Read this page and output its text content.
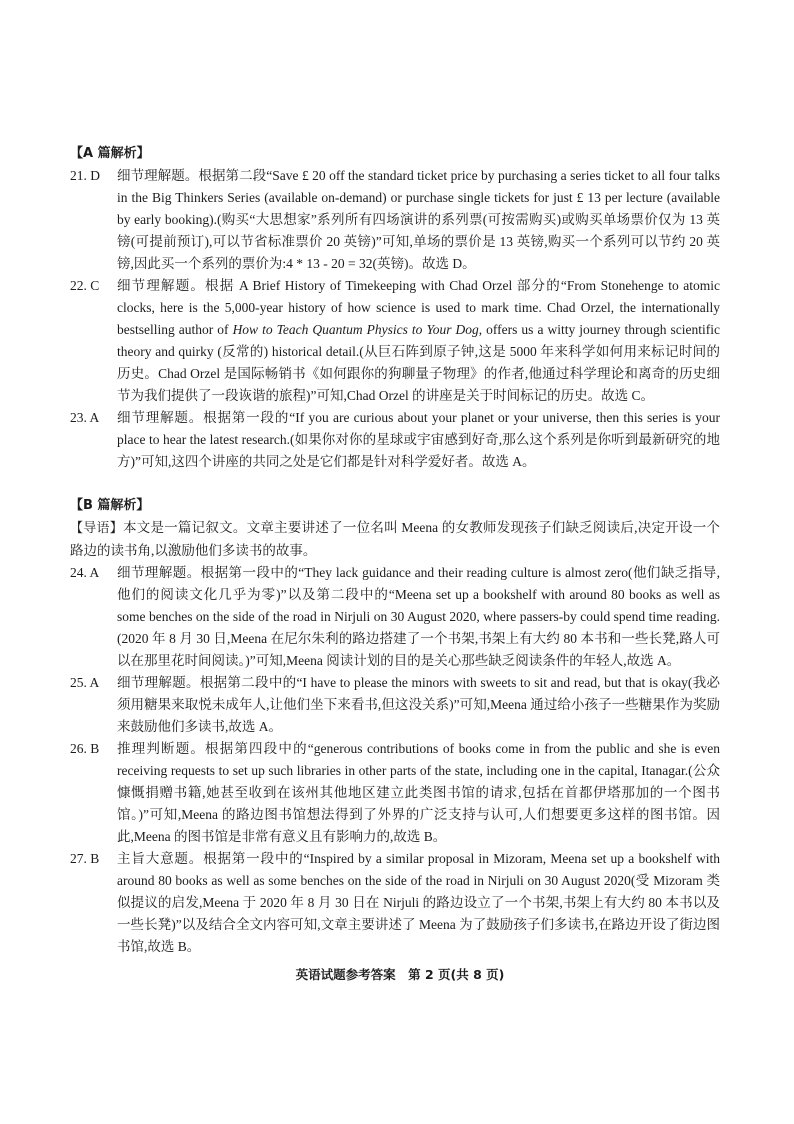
【A 篇解析】
21. D	细节理解题。根据第二段“Save £ 20 off the standard ticket price by purchasing a series ticket to all four talks in the Big Thinkers Series (available on-demand) or purchase single tickets for just £ 13 per lecture (available by early booking).(购买“大思想家”系列所有四场演讲的系列票(可按需购买)或购买单场票价仅为 13 英镑(可提前预订),可以节省标准票价 20 英镑)”可知,单场的票价是 13 英镑,购买一个系列可以节约 20 英镑,因此买一个系列的票价为:4 * 13 - 20 = 32(英镑)。故选 D。
22. C	细节理解题。根据 A Brief History of Timekeeping with Chad Orzel 部分的“From Stonehenge to atomic clocks, here is the 5,000-year history of how science is used to mark time. Chad Orzel, the internationally bestselling author of How to Teach Quantum Physics to Your Dog, offers us a witty journey through scientific theory and quirky (反常的) historical detail.(从巨石阵到原子钟,这是 5000 年来科学如何用来标记时间的历史。Chad Orzel 是国际畅销书《如何跟你的狗聊量子物理》的作者,他通过科学理论和离奇的历史细节为我们提供了一段诙谐的旅程)”可知,Chad Orzel 的讲座是关于时间标记的历史。故选 C。
23. A	细节理解题。根据第一段的“If you are curious about your planet or your universe, then this series is your place to hear the latest research.(如果你对你的星球或宇宙感到好奇,那么这个系列是你听到最新研究的地方)”可知,这四个讲座的共同之处是它们都是针对科学爱好者。故选 A。
【B 篇解析】
【导语】本文是一篇记叙文。文章主要讲述了一位名叫 Meena 的女教师发现孩子们缺乏阅读后,决定开设一个路边的读书角,以激励他们多读书的故事。
24. A	细节理解题。根据第一段中的“They lack guidance and their reading culture is almost zero(他们缺乏指导,他们的阅读文化几乎为零)”以及第二段中的“Meena set up a bookshelf with around 80 books as well as some benches on the side of the road in Nirjuli on 30 August 2020, where passers-by could spend time reading.(2020 年 8 月 30 日,Meena 在尼尔朱利的路边搭建了一个书架,书架上有大约 80 本书和一些长凳,路人可以在那里花时间阅读。)”可知,Meena 阅读计划的目的是关心那些缺乏阅读条件的年轻人,故选 A。
25. A	细节理解题。根据第二段中的“I have to please the minors with sweets to sit and read, but that is okay(我必须用糖果来取悦未成年人,让他们坐下来看书,但这没关系)”可知,Meena 通过给小孩子一些糖果作为奖励来鼓励他们多读书,故选 A。
26. B	推理判断题。根据第四段中的“generous contributions of books come in from the public and she is even receiving requests to set up such libraries in other parts of the state, including one in the capital, Itanagar.(公众慷慨捐赠书籍,她甚至收到在该州其他地区建立此类图书馆的请求,包括在首都伊塔那加的一个图书馆。)”可知,Meena 的路边图书馆想法得到了外界的广泛支持与认可,人们想要更多这样的图书馆。因此,Meena 的图书馆是非常有意义且有影响力的,故选 B。
27. B	主旨大意题。根据第一段中的“Inspired by a similar proposal in Mizoram, Meena set up a bookshelf with around 80 books as well as some benches on the side of the road in Nirjuli on 30 August 2020(受 Mizoram 类似提议的启发,Meena 于 2020 年 8 月 30 日在 Nirjuli 的路边设立了一个书架,书架上有大约 80 本书以及一些长凳)”以及结合全文内容可知,文章主要讲述了 Meena 为了鼓励孩子们多读书,在路边开设了街边图书馆,故选 B。
英语试题参考答案　第 2 页(共 8 页)
